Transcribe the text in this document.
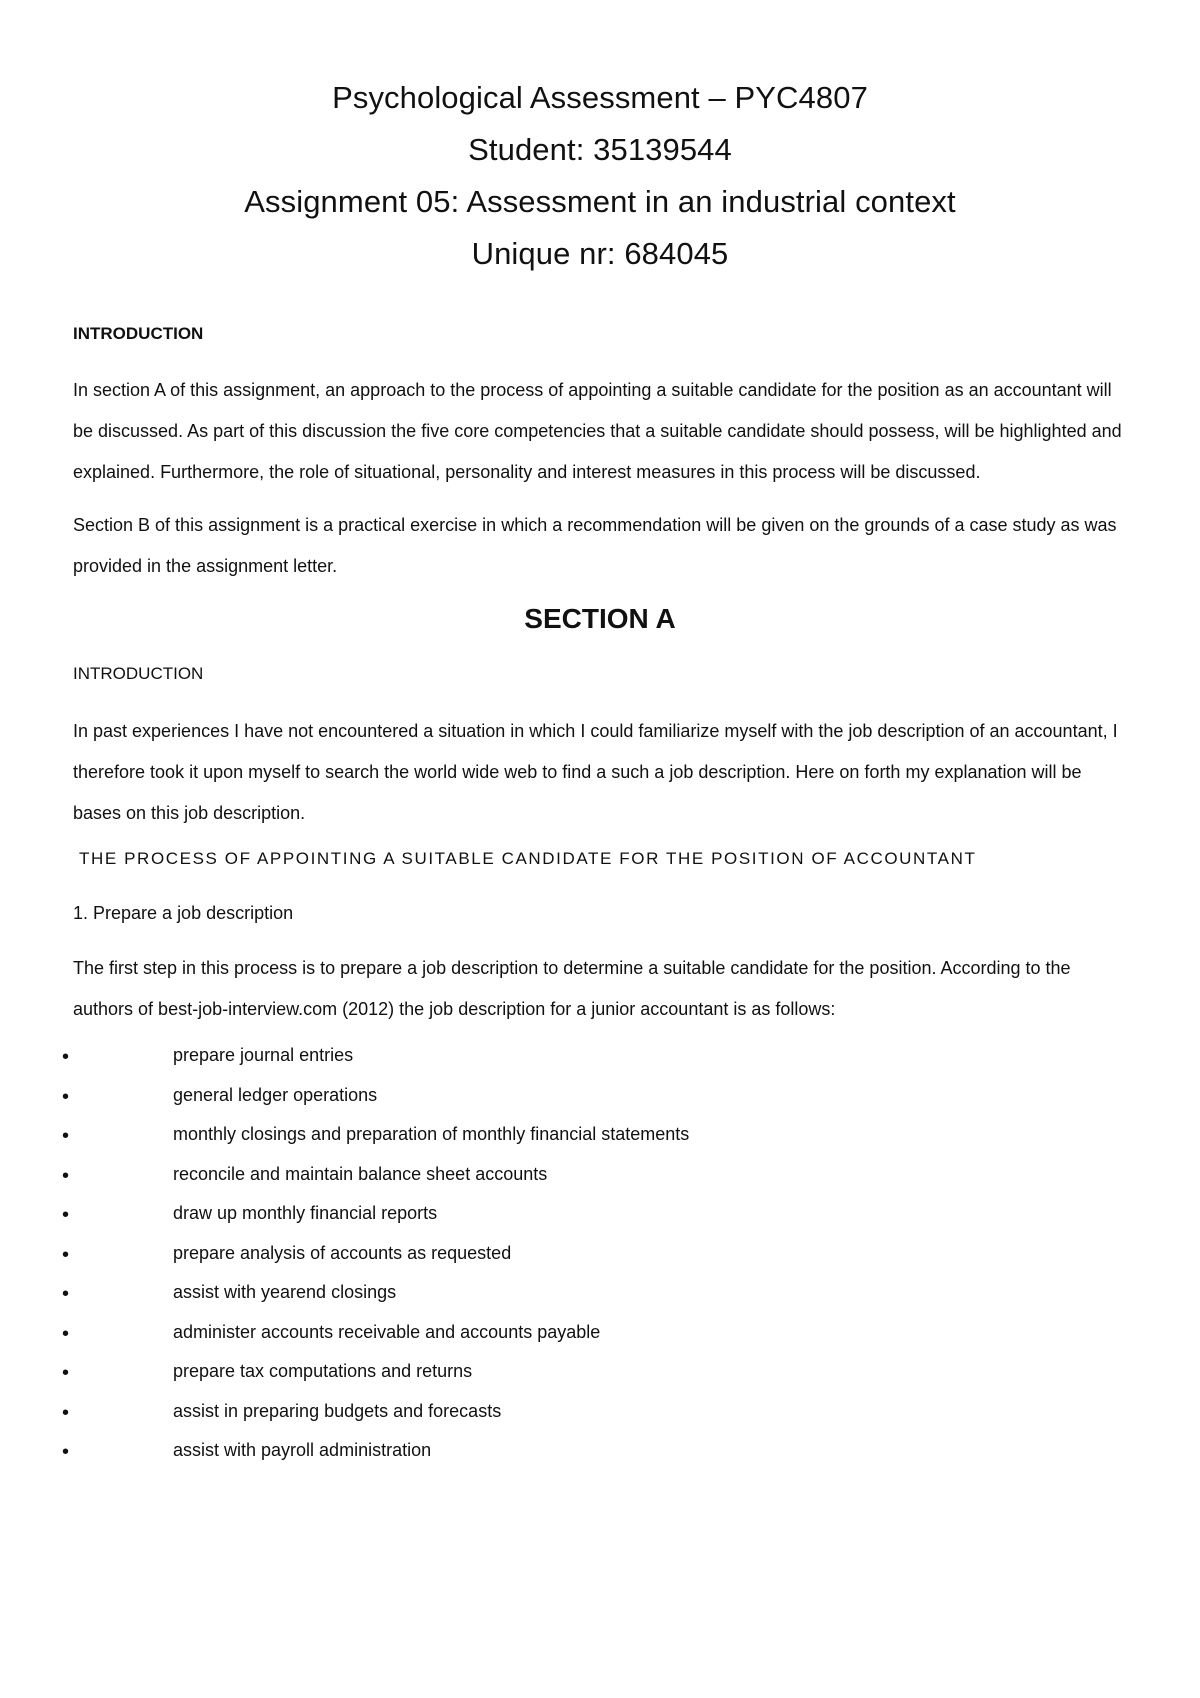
Psychological Assessment – PYC4807
Student: 35139544
Assignment 05: Assessment in an industrial context
Unique nr: 684045
INTRODUCTION

In section A of this assignment, an approach to the process of appointing a suitable candidate for the position as an accountant will be discussed. As part of this discussion the five core competencies that a suitable candidate should possess, will be highlighted and explained. Furthermore, the role of situational, personality and interest measures in this process will be discussed.

Section B of this assignment is a practical exercise in which a recommendation will be given on the grounds of a case study as was provided in the assignment letter.

SECTION A
INTRODUCTION

In past experiences I have not encountered a situation in which I could familiarize myself with the job description of an accountant, I therefore took it upon myself to search the world wide web to find a such a job description. Here on forth my explanation will be bases on this job description.

THE PROCESS OF APPOINTING A SUITABLE CANDIDATE FOR THE POSITION OF ACCOUNTANT
1. Prepare a job description

The first step in this process is to prepare a job description to determine a suitable candidate for the position. According to the authors of best-job-interview.com (2012) the job description for a junior accountant is as follows:

•	prepare journal entries
•	general ledger operations
•	monthly closings and preparation of monthly financial statements
•	reconcile and maintain balance sheet accounts
•	draw up monthly financial reports
•	prepare analysis of accounts as requested
•	assist with yearend closings
•	administer accounts receivable and accounts payable
•	prepare tax computations and returns
•	assist in preparing budgets and forecasts
•	assist with payroll administration
